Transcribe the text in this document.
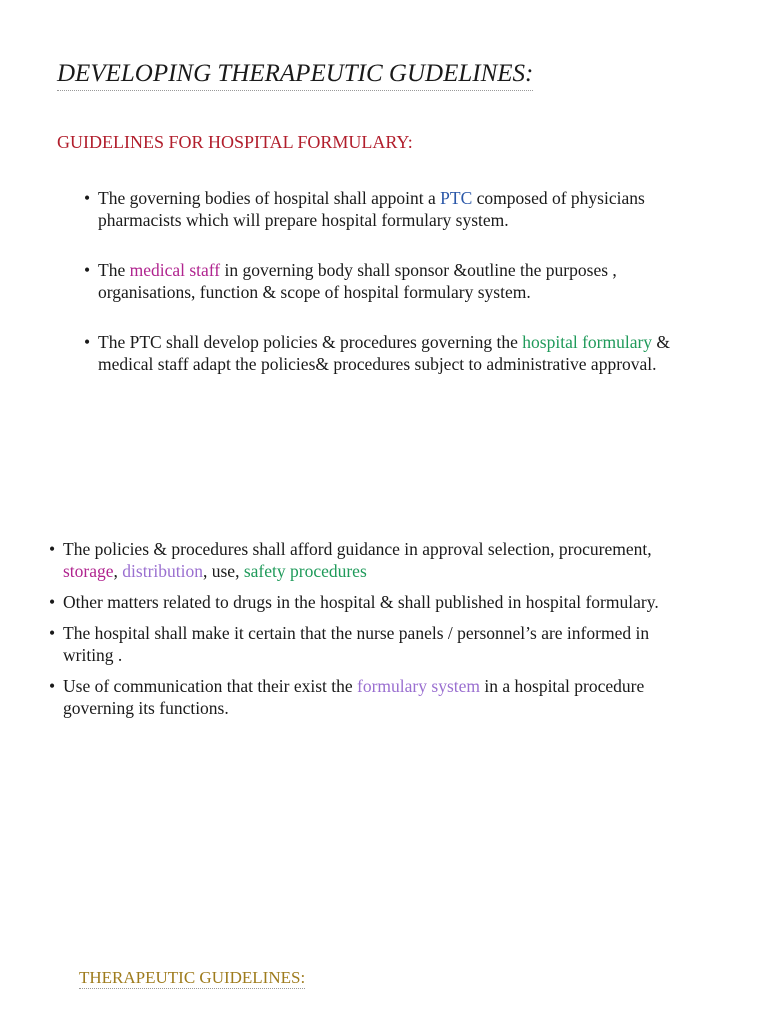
DEVELOPING THERAPEUTIC GUDELINES:
GUIDELINES FOR HOSPITAL FORMULARY:
• The governing bodies of hospital shall appoint a PTC composed of physicians pharmacists which will prepare hospital formulary system.
• The medical staff in governing body shall sponsor &outline the purposes , organisations, function & scope of hospital formulary system.
• The PTC shall develop policies & procedures governing the hospital formulary & medical staff adapt the policies& procedures subject to administrative approval.
• The policies & procedures shall afford guidance in approval selection, procurement, storage, distribution, use, safety procedures
• Other matters related to drugs in the hospital & shall published in hospital formulary.
• The hospital shall make it certain that the nurse panels / personnel’s are informed in writing .
• Use of communication that their exist the formulary system in a hospital procedure governing its functions.
THERAPEUTIC GUIDELINES:
